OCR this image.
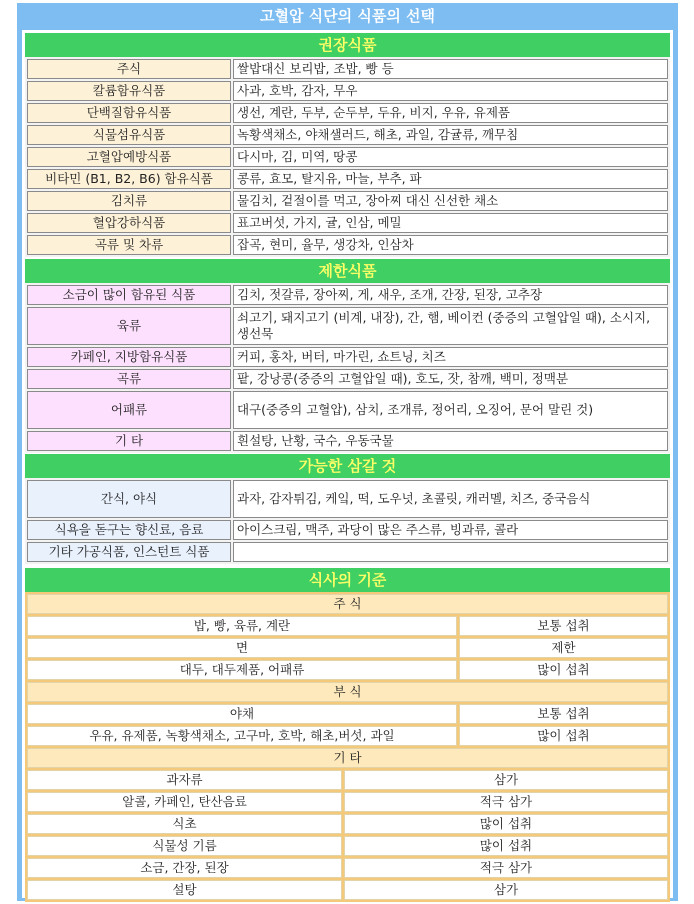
고혈압 식단의 식품의 선택
권장식품
주식	쌀밥대신 보리밥, 조밥, 빵 등
칼륨함유식품	사과, 호박, 감자, 무우
단백질함유식품	생선, 계란, 두부, 순두부, 두유, 비지, 우유, 유제품
식물섬유식품	녹황색채소, 야채샐러드, 해초, 과일, 감귤류, 깨무침
고혈압예방식품	다시마, 김, 미역, 땅콩
비타민 (B1, B2, B6) 함유식품	콩류, 효모, 탈지유, 마늘, 부추, 파
김치류	물김치, 겉절이를 먹고, 장아찌 대신 신선한 채소
혈압강하식품	표고버섯, 가지, 귤, 인삼, 메밀
곡류 및 차류	잡곡, 현미, 율무, 생강차, 인삼차
제한식품
소금이 많이 함유된 식품	김치, 젓갈류, 장아찌, 게, 새우, 조개, 간장, 된장, 고추장
육류	쇠고기, 돼지고기 (비계, 내장), 간, 햄, 베이컨 (중증의 고혈압일 때), 소시지, 생선묵
카페인, 지방함유식품	커피, 홍차, 버터, 마가린, 쇼트닝, 치즈
곡류	팥, 강낭콩(중증의 고혈압일 때), 호도, 잣, 참깨, 백미, 정맥분
어패류	대구(중증의 고혈압), 삼치, 조개류, 정어리, 오징어, 문어 말린 것)
기 타	흰설탕, 난황, 국수, 우동국물
가능한 삼갈 것
간식, 야식	과자, 감자튀김, 케잌, 떡, 도우넛, 초콜릿, 캐러멜, 치즈, 중국음식
식욕을 돋구는 향신료, 음료	아이스크림, 맥주, 과당이 많은 주스류, 빙과류, 콜라
기타 가공식품, 인스턴트 식품	
식사의 기준
주 식	
밥, 빵, 육류, 계란	보통 섭취
면	제한
대두, 대두제품, 어패류	많이 섭취
부 식	
야채	보통 섭취
우유, 유제품, 녹황색채소, 고구마, 호박, 해초,버섯, 과일	많이 섭취
기 타	
과자류	삼가
알콜, 카페인, 탄산음료	적극 삼가
식초	많이 섭취
식물성 기름	많이 섭취
소금, 간장, 된장	적극 삼가
설탕	삼가
